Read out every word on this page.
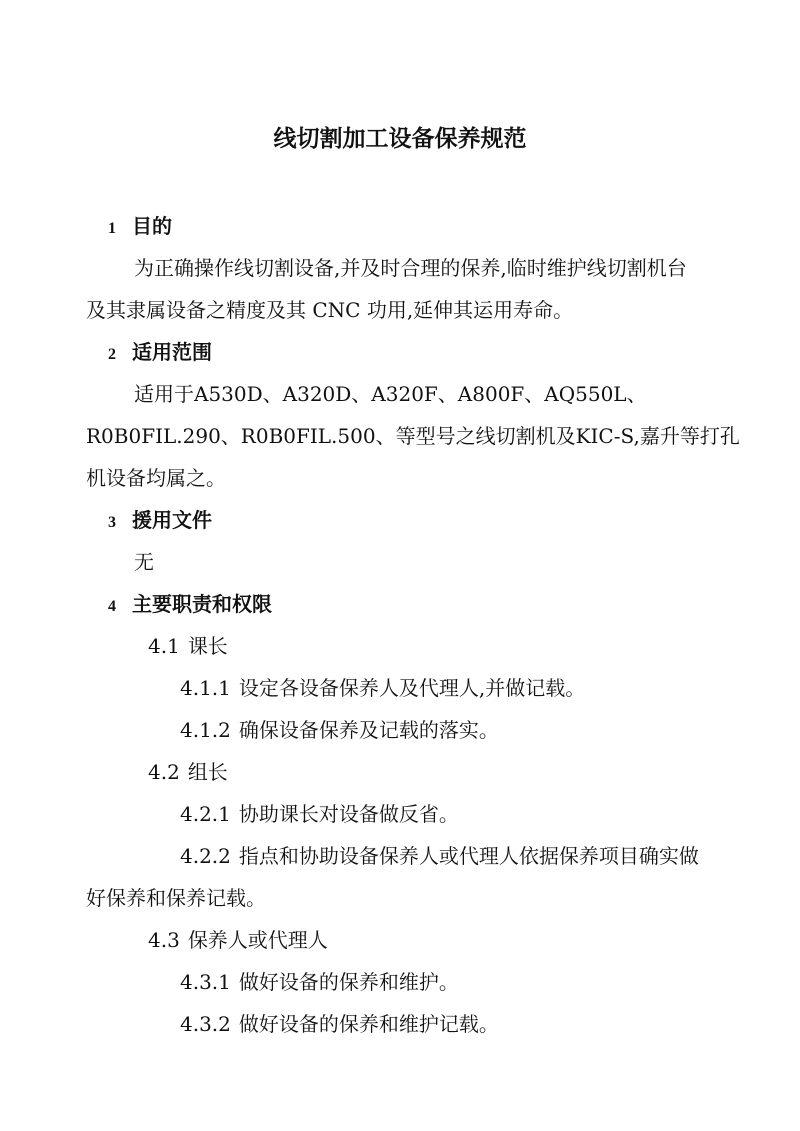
线切割加工设备保养规范
1 目的
为正确操作线切割设备,并及时合理的保养,临时维护线切割机台
及其隶属设备之精度及其 CNC 功用,延伸其运用寿命。
2 适用范围
适用于A530D、A320D、A320F、A800F、AQ550L、
R0B0FIL.290、R0B0FIL.500、等型号之线切割机及KIC-S,嘉升等打孔
机设备均属之。
3 援用文件
无
4 主要职责和权限
4.1 课长
4.1.1 设定各设备保养人及代理人,并做记载。
4.1.2 确保设备保养及记载的落实。
4.2 组长
4.2.1 协助课长对设备做反省。
4.2.2 指点和协助设备保养人或代理人依据保养项目确实做
好保养和保养记载。
4.3 保养人或代理人
4.3.1 做好设备的保养和维护。
4.3.2 做好设备的保养和维护记载。
